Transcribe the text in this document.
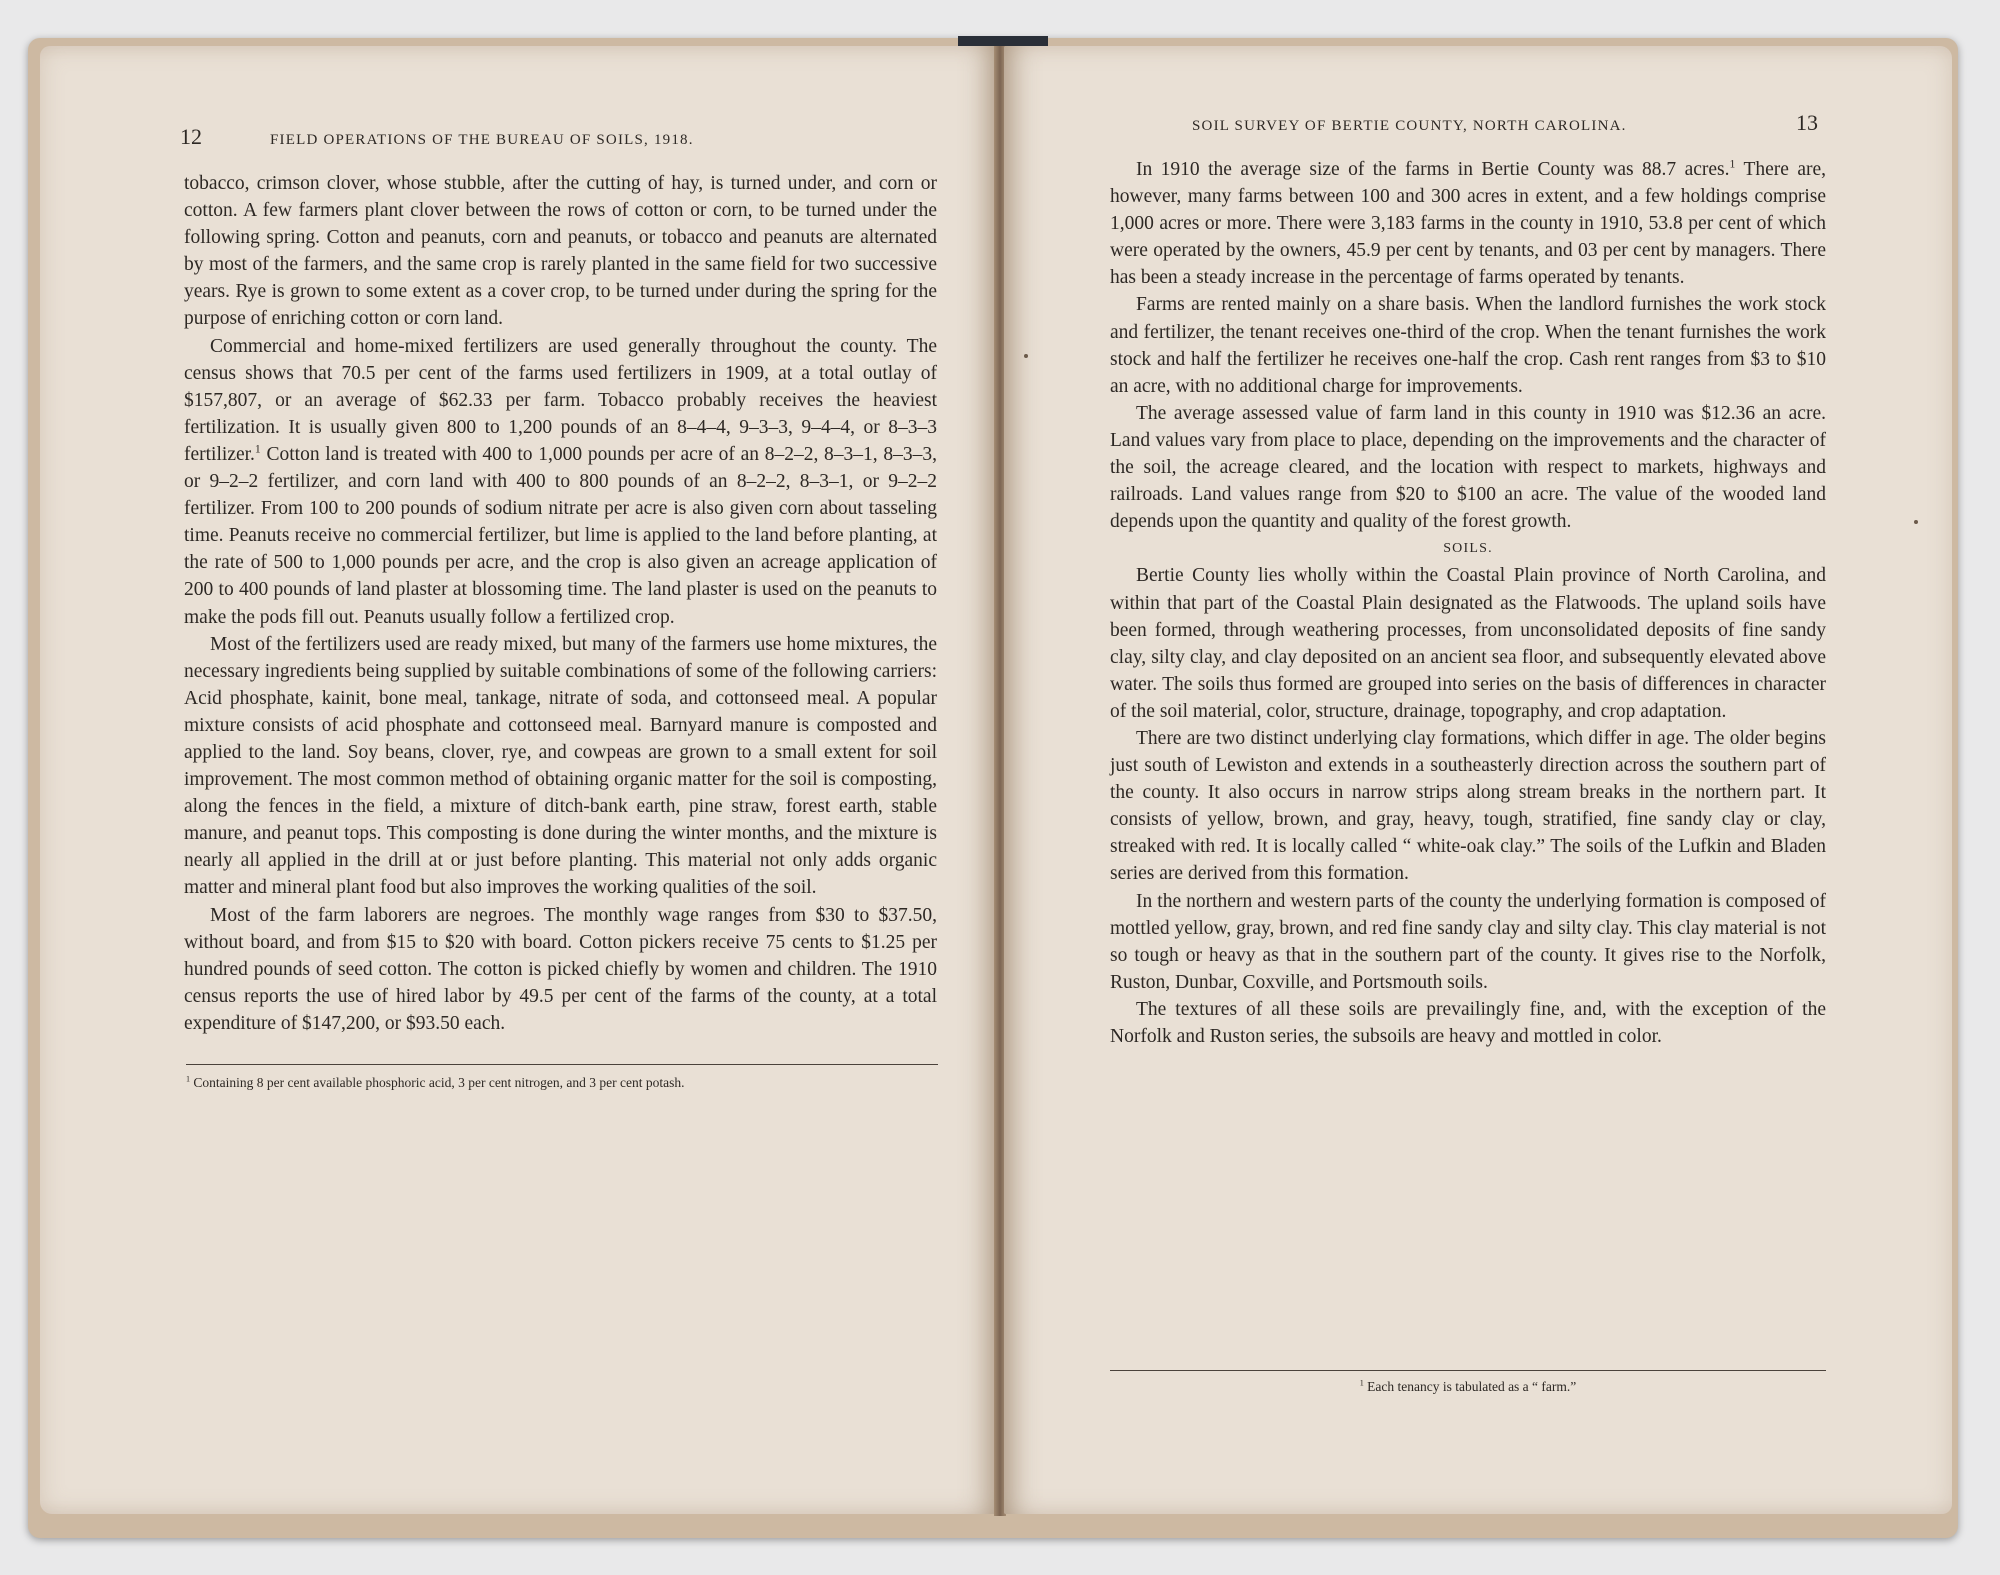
12	FIELD OPERATIONS OF THE BUREAU OF SOILS, 1918.

tobacco, crimson clover, whose stubble, after the cutting of hay, is turned under, and corn or cotton. A few farmers plant clover between the rows of cotton or corn, to be turned under the following spring. Cotton and peanuts, corn and peanuts, or tobacco and peanuts are alternated by most of the farmers, and the same crop is rarely planted in the same field for two successive years. Rye is grown to some extent as a cover crop, to be turned under during the spring for the purpose of enriching cotton or corn land.

Commercial and home-mixed fertilizers are used generally throughout the county. The census shows that 70.5 per cent of the farms used fertilizers in 1909, at a total outlay of $157,807, or an average of $62.33 per farm. Tobacco probably receives the heaviest fertilization. It is usually given 800 to 1,200 pounds of an 8–4–4, 9–3–3, 9–4–4, or 8–3–3 fertilizer.$^1$ Cotton land is treated with 400 to 1,000 pounds per acre of an 8–2–2, 8–3–1, 8–3–3, or 9–2–2 fertilizer, and corn land with 400 to 800 pounds of an 8–2–2, 8–3–1, or 9–2–2 fertilizer. From 100 to 200 pounds of sodium nitrate per acre is also given corn about tasseling time. Peanuts receive no commercial fertilizer, but lime is applied to the land before planting, at the rate of 500 to 1,000 pounds per acre, and the crop is also given an acreage application of 200 to 400 pounds of land plaster at blossoming time. The land plaster is used on the peanuts to make the pods fill out. Peanuts usually follow a fertilized crop.

Most of the fertilizers used are ready mixed, but many of the farmers use home mixtures, the necessary ingredients being supplied by suitable combinations of some of the following carriers: Acid phosphate, kainit, bone meal, tankage, nitrate of soda, and cottonseed meal. A popular mixture consists of acid phosphate and cottonseed meal. Barnyard manure is composted and applied to the land. Soy beans, clover, rye, and cowpeas are grown to a small extent for soil improvement. The most common method of obtaining organic matter for the soil is composting, along the fences in the field, a mixture of ditch-bank earth, pine straw, forest earth, stable manure, and peanut tops. This composting is done during the winter months, and the mixture is nearly all applied in the drill at or just before planting. This material not only adds organic matter and mineral plant food but also improves the working qualities of the soil.

Most of the farm laborers are negroes. The monthly wage ranges from $30 to $37.50, without board, and from $15 to $20 with board. Cotton pickers receive 75 cents to $1.25 per hundred pounds of seed cotton. The cotton is picked chiefly by women and children. The 1910 census reports the use of hired labor by 49.5 per cent of the farms of the county, at a total expenditure of $147,200, or $93.50 each.

$^1$ Containing 8 per cent available phosphoric acid, 3 per cent nitrogen, and 3 per cent potash.
SOIL SURVEY OF BERTIE COUNTY, NORTH CAROLINA.	13

In 1910 the average size of the farms in Bertie County was 88.7 acres.$^1$ There are, however, many farms between 100 and 300 acres in extent, and a few holdings comprise 1,000 acres or more. There were 3,183 farms in the county in 1910, 53.8 per cent of which were operated by the owners, 45.9 per cent by tenants, and 03 per cent by managers. There has been a steady increase in the percentage of farms operated by tenants.

Farms are rented mainly on a share basis. When the landlord furnishes the work stock and fertilizer, the tenant receives one-third of the crop. When the tenant furnishes the work stock and half the fertilizer he receives one-half the crop. Cash rent ranges from $3 to $10 an acre, with no additional charge for improvements.

The average assessed value of farm land in this county in 1910 was $12.36 an acre. Land values vary from place to place, depending on the improvements and the character of the soil, the acreage cleared, and the location with respect to markets, highways and railroads. Land values range from $20 to $100 an acre. The value of the wooded land depends upon the quantity and quality of the forest growth.

SOILS.

Bertie County lies wholly within the Coastal Plain province of North Carolina, and within that part of the Coastal Plain designated as the Flatwoods. The upland soils have been formed, through weathering processes, from unconsolidated deposits of fine sandy clay, silty clay, and clay deposited on an ancient sea floor, and subsequently elevated above water. The soils thus formed are grouped into series on the basis of differences in character of the soil material, color, structure, drainage, topography, and crop adaptation.

There are two distinct underlying clay formations, which differ in age. The older begins just south of Lewiston and extends in a southeasterly direction across the southern part of the county. It also occurs in narrow strips along stream breaks in the northern part. It consists of yellow, brown, and gray, heavy, tough, stratified, fine sandy clay or clay, streaked with red. It is locally called “ white-oak clay.” The soils of the Lufkin and Bladen series are derived from this formation.

In the northern and western parts of the county the underlying formation is composed of mottled yellow, gray, brown, and red fine sandy clay and silty clay. This clay material is not so tough or heavy as that in the southern part of the county. It gives rise to the Norfolk, Ruston, Dunbar, Coxville, and Portsmouth soils.

The textures of all these soils are prevailingly fine, and, with the exception of the Norfolk and Ruston series, the subsoils are heavy and mottled in color.

$^1$ Each tenancy is tabulated as a “ farm.”
